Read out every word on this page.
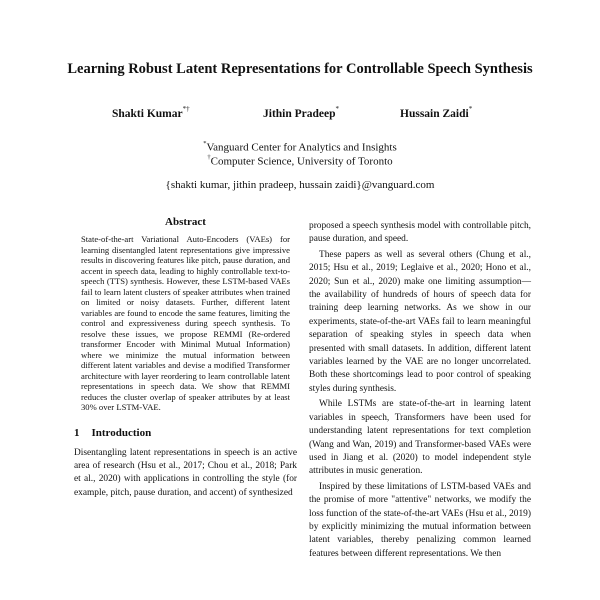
Learning Robust Latent Representations for Controllable Speech Synthesis
Shakti Kumar*†	Jithin Pradeep*	Hussain Zaidi*
*Vanguard Center for Analytics and Insights
†Computer Science, University of Toronto
{shakti kumar, jithin pradeep, hussain zaidi}@vanguard.com
Abstract
State-of-the-art Variational Auto-Encoders (VAEs) for learning disentangled latent representations give impressive results in discovering features like pitch, pause duration, and accent in speech data, leading to highly controllable text-to-speech (TTS) synthesis. However, these LSTM-based VAEs fail to learn latent clusters of speaker attributes when trained on limited or noisy datasets. Further, different latent variables are found to encode the same features, limiting the control and expressiveness during speech synthesis. To resolve these issues, we propose REMMI (Re-ordered transformer Encoder with Minimal Mutual Information) where we minimize the mutual information between different latent variables and devise a modified Transformer architecture with layer reordering to learn controllable latent representations in speech data. We show that REMMI reduces the cluster overlap of speaker attributes by at least 30% over LSTM-VAE.
1 Introduction

Disentangling latent representations in speech is an active area of research (Hsu et al., 2017; Chou et al., 2018; Park et al., 2020) with applications in controlling the style (for example, pitch, pause duration, and accent) of synthesized

proposed a speech synthesis model with controllable pitch, pause duration, and speed.

These papers as well as several others (Chung et al., 2015; Hsu et al., 2019; Leglaive et al., 2020; Hono et al., 2020; Sun et al., 2020) make one limiting assumption— the availability of hundreds of hours of speech data for training deep learning networks. As we show in our experiments, state-of-the-art VAEs fail to learn meaningful separation of speaking styles in speech data when presented with small datasets. In addition, different latent variables learned by the VAE are no longer uncorrelated. Both these shortcomings lead to poor control of speaking styles during synthesis.

While LSTMs are state-of-the-art in learning latent variables in speech, Transformers have been used for understanding latent representations for text completion (Wang and Wan, 2019) and Transformer-based VAEs were used in Jiang et al. (2020) to model independent style attributes in music generation.

Inspired by these limitations of LSTM-based VAEs and the promise of more "attentive" networks, we modify the loss function of the state-of-the-art VAEs (Hsu et al., 2019) by explicitly minimizing the mutual information between latent variables, thereby penalizing common learned features between different representations. We then
